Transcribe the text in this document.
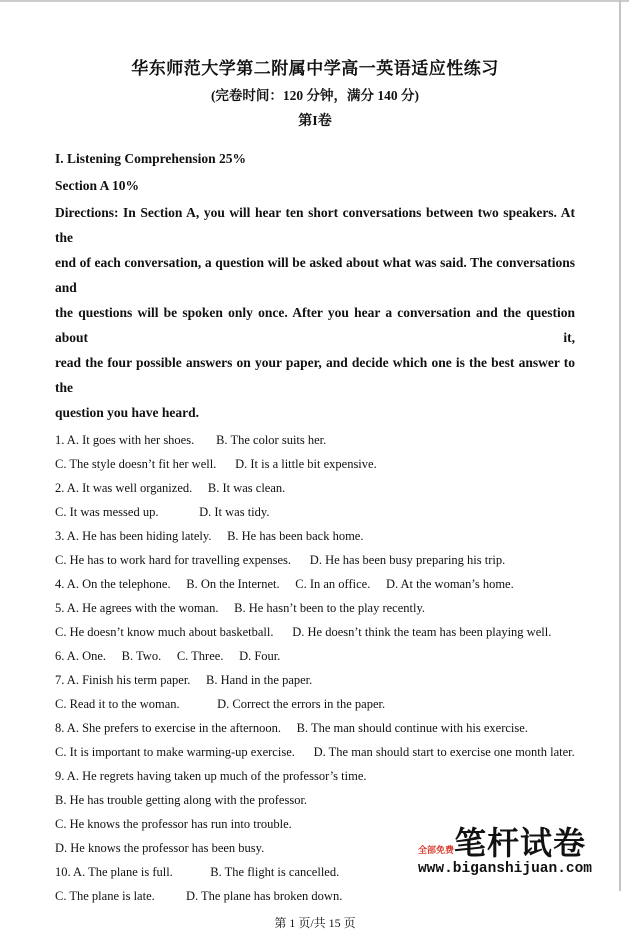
华东师范大学第二附属中学高一英语适应性练习
(完卷时间：120 分钟，满分 140 分)
第I卷
I. Listening Comprehension 25%
Section A 10%
Directions: In Section A, you will hear ten short conversations between two speakers. At the
end of each conversation, a question will be asked about what was said. The conversations and
the questions will be spoken only once. After you hear a conversation and the question about it,
read the four possible answers on your paper, and decide which one is the best answer to the
question you have heard.
1. A. It goes with her shoes.       B. The color suits her.
C. The style doesn’t fit her well.      D. It is a little bit expensive.
2. A. It was well organized.     B. It was clean.
C. It was messed up.             D. It was tidy.
3. A. He has been hiding lately.     B. He has been back home.
C. He has to work hard for travelling expenses.      D. He has been busy preparing his trip.
4. A. On the telephone.     B. On the Internet.     C. In an office.     D. At the woman’s home.
5. A. He agrees with the woman.     B. He hasn’t been to the play recently.
C. He doesn’t know much about basketball.      D. He doesn’t think the team has been playing well.
6. A. One.     B. Two.     C. Three.     D. Four.
7. A. Finish his term paper.     B. Hand in the paper.
C. Read it to the woman.            D. Correct the errors in the paper.
8. A. She prefers to exercise in the afternoon.     B. The man should continue with his exercise.
C. It is important to make warming-up exercise.      D. The man should start to exercise one month later.
9. A. He regrets having taken up much of the professor’s time.
B. He has trouble getting along with the professor.
C. He knows the professor has run into trouble.
D. He knows the professor has been busy.
10. A. The plane is full.            B. The flight is cancelled.
C. The plane is late.          D. The plane has broken down.
第 1 页/共 15 页
全部免费 笔杆试卷
www.biganshijuan.com
